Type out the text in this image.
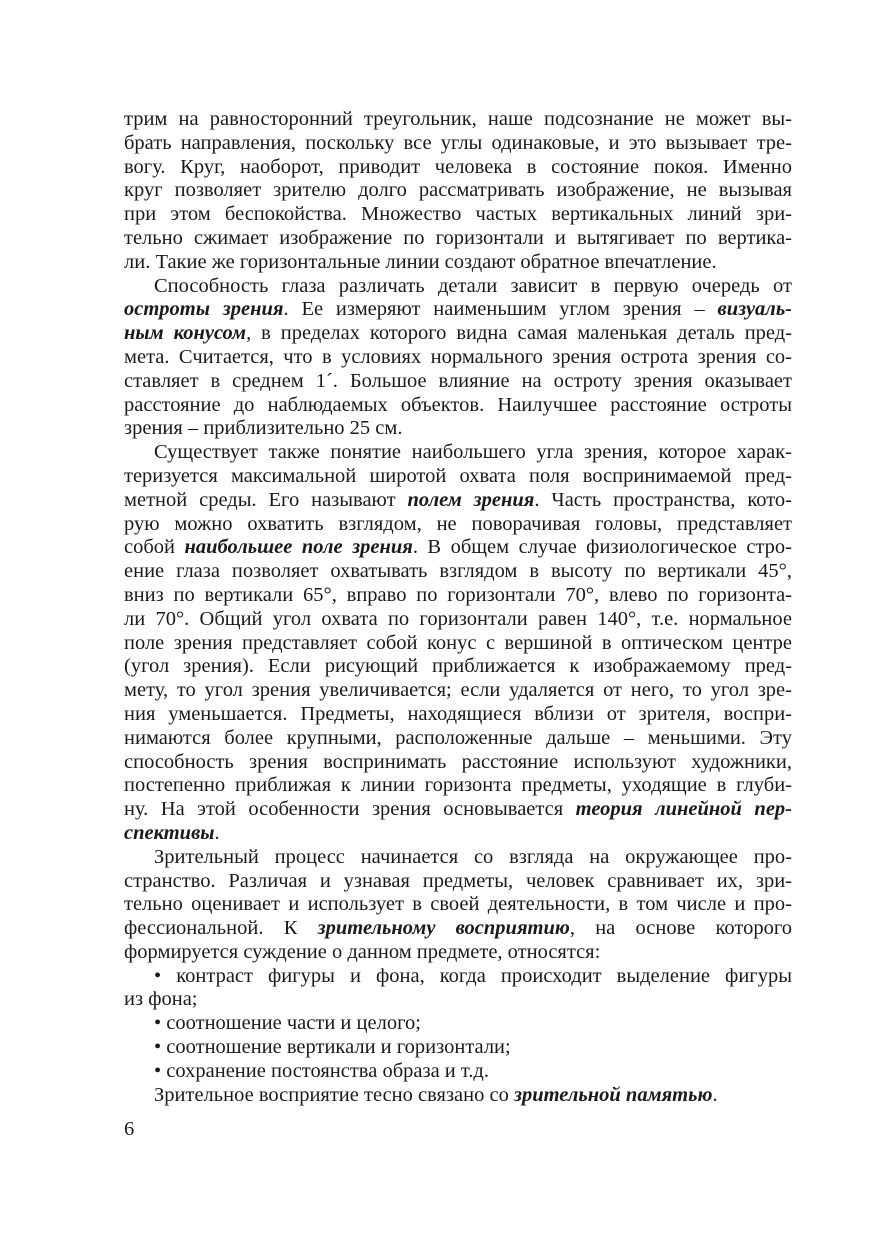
трим на равносторонний треугольник, наше подсознание не может вы-
брать направления, поскольку все углы одинаковые, и это вызывает тре-
вогу. Круг, наоборот, приводит человека в состояние покоя. Именно
круг позволяет зрителю долго рассматривать изображение, не вызывая
при этом беспокойства. Множество частых вертикальных линий зри-
тельно сжимает изображение по горизонтали и вытягивает по вертика-
ли. Такие же горизонтальные линии создают обратное впечатление.
Способность глаза различать детали зависит в первую очередь от
остроты зрения. Ее измеряют наименьшим углом зрения – визуаль-
ным конусом, в пределах которого видна самая маленькая деталь пред-
мета. Считается, что в условиях нормального зрения острота зрения со-
ставляет в среднем 1´. Большое влияние на остроту зрения оказывает
расстояние до наблюдаемых объектов. Наилучшее расстояние остроты
зрения – приблизительно 25 см.
Существует также понятие наибольшего угла зрения, которое харак-
теризуется максимальной широтой охвата поля воспринимаемой пред-
метной среды. Его называют полем зрения. Часть пространства, кото-
рую можно охватить взглядом, не поворачивая головы, представляет
собой наибольшее поле зрения. В общем случае физиологическое стро-
ение глаза позволяет охватывать взглядом в высоту по вертикали 45°,
вниз по вертикали 65°, вправо по горизонтали 70°, влево по горизонта-
ли 70°. Общий угол охвата по горизонтали равен 140°, т.е. нормальное
поле зрения представляет собой конус с вершиной в оптическом центре
(угол зрения). Если рисующий приближается к изображаемому пред-
мету, то угол зрения увеличивается; если удаляется от него, то угол зре-
ния уменьшается. Предметы, находящиеся вблизи от зрителя, воспри-
нимаются более крупными, расположенные дальше – меньшими. Эту
способность зрения воспринимать расстояние используют художники,
постепенно приближая к линии горизонта предметы, уходящие в глуби-
ну. На этой особенности зрения основывается теория линейной пер-
спективы.
Зрительный процесс начинается со взгляда на окружающее про-
странство. Различая и узнавая предметы, человек сравнивает их, зри-
тельно оценивает и использует в своей деятельности, в том числе и про-
фессиональной. К зрительному восприятию, на основе которого
формируется суждение о данном предмете, относятся:
• контраст фигуры и фона, когда происходит выделение фигуры
из фона;
• соотношение части и целого;
• соотношение вертикали и горизонтали;
• сохранение постоянства образа и т.д.
Зрительное восприятие тесно связано со зрительной памятью.
6
